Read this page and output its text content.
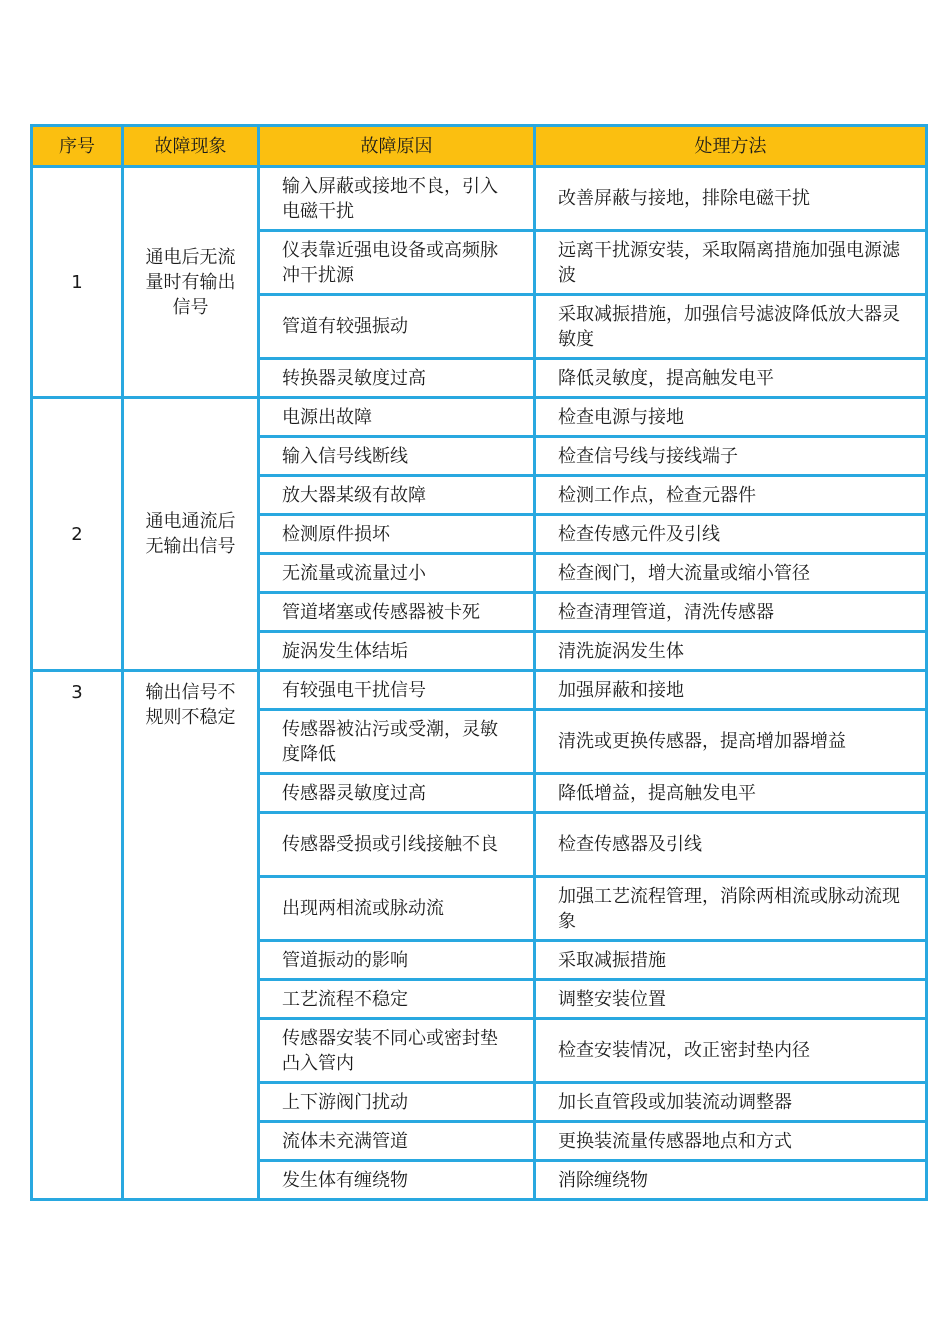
序号	故障现象	故障原因	处理方法
1	通电后无流量时有输出信号	输入屏蔽或接地不良，引入电磁干扰	改善屏蔽与接地，排除电磁干扰
		仪表靠近强电设备或高频脉冲干扰源	远离干扰源安装，采取隔离措施加强电源滤波
		管道有较强振动	采取减振措施，加强信号滤波降低放大器灵敏度
		转换器灵敏度过高	降低灵敏度，提高触发电平
2	通电通流后无输出信号	电源出故障	检查电源与接地
		输入信号线断线	检查信号线与接线端子
		放大器某级有故障	检测工作点，检查元器件
		检测原件损坏	检查传感元件及引线
		无流量或流量过小	检查阀门，增大流量或缩小管径
		管道堵塞或传感器被卡死	检查清理管道，清洗传感器
		旋涡发生体结垢	清洗旋涡发生体
3	输出信号不规则不稳定	有较强电干扰信号	加强屏蔽和接地
		传感器被沾污或受潮，灵敏度降低	清洗或更换传感器，提高增加器增益
		传感器灵敏度过高	降低增益，提高触发电平
		传感器受损或引线接触不良	检查传感器及引线
		出现两相流或脉动流	加强工艺流程管理，消除两相流或脉动流现象
		管道振动的影响	采取减振措施
		工艺流程不稳定	调整安装位置
		传感器安装不同心或密封垫凸入管内	检查安装情况，改正密封垫内径
		上下游阀门扰动	加长直管段或加装流动调整器
		流体未充满管道	更换装流量传感器地点和方式
		发生体有缠绕物	消除缠绕物
